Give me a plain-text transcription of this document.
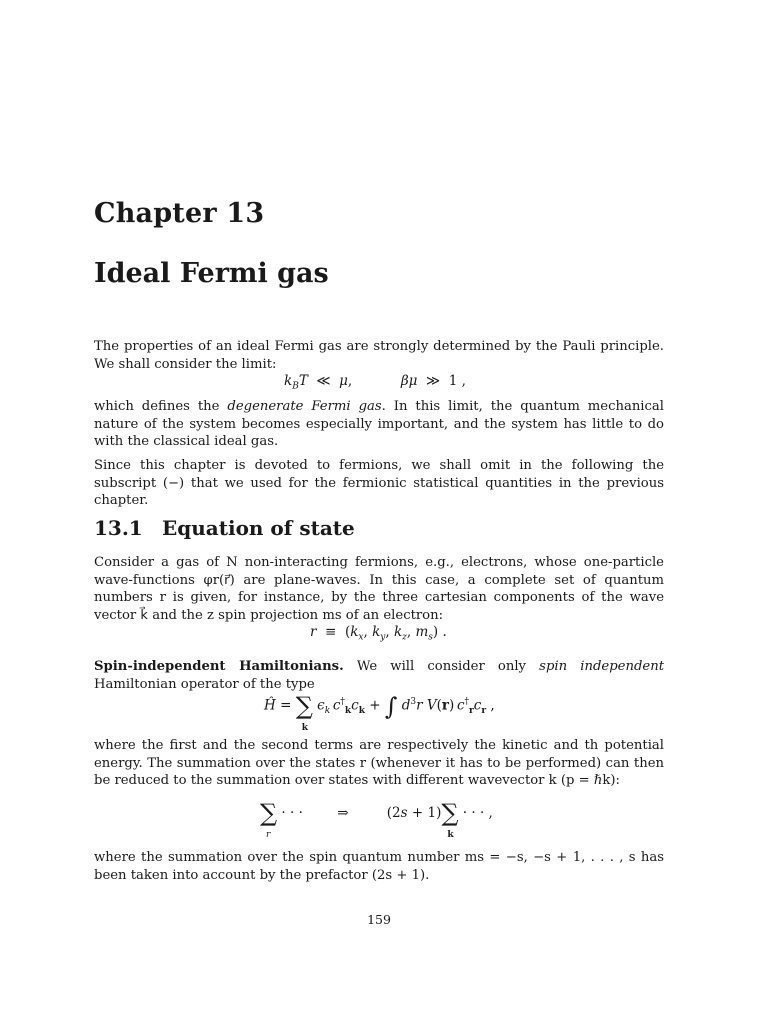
Chapter 13
Ideal Fermi gas

The properties of an ideal Fermi gas are strongly determined by the Pauli principle. We shall consider the limit:

$k_BT$  ≪  μ,	βμ  ≫  1 ,

which defines the degenerate Fermi gas. In this limit, the quantum mechanical nature of the system becomes especially important, and the system has little to do with the classical ideal gas.

Since this chapter is devoted to fermions, we shall omit in the following the subscript (−) that we used for the fermionic statistical quantities in the previous chapter.

13.1 Equation of state

Consider a gas of N non-interacting fermions, e.g., electrons, whose one-particle wave-functions φr(r⃗) are plane-waves. In this case, a complete set of quantum numbers r is given, for instance, by the three cartesian components of the wave vector k⃗ and the z spin projection ms of an electron:

$r \equiv (k_x$, $k_y$, $k_z$, $m_s$) .

Spin-independent Hamiltonians. We will consider only spin independent Hamiltonian operator of the type

Ĥ = ∑
k
$\epsilon_k$  $c^\dagger_kc_k$ + ∫ $d^3r$ V(r) $c^\dagger_rc_r$ ,

where the first and the second terms are respectively the kinetic and th potential energy. The summation over the states r (whenever it has to be performed) can then be reduced to the summation over states with different wavevector k (p = ℏk):

∑
r
· · · ⇒	(2s + 1)∑
k
· · · ,

where the summation over the spin quantum number ms = −s, −s + 1, . . . , s has been taken into account by the prefactor (2s + 1).

159
